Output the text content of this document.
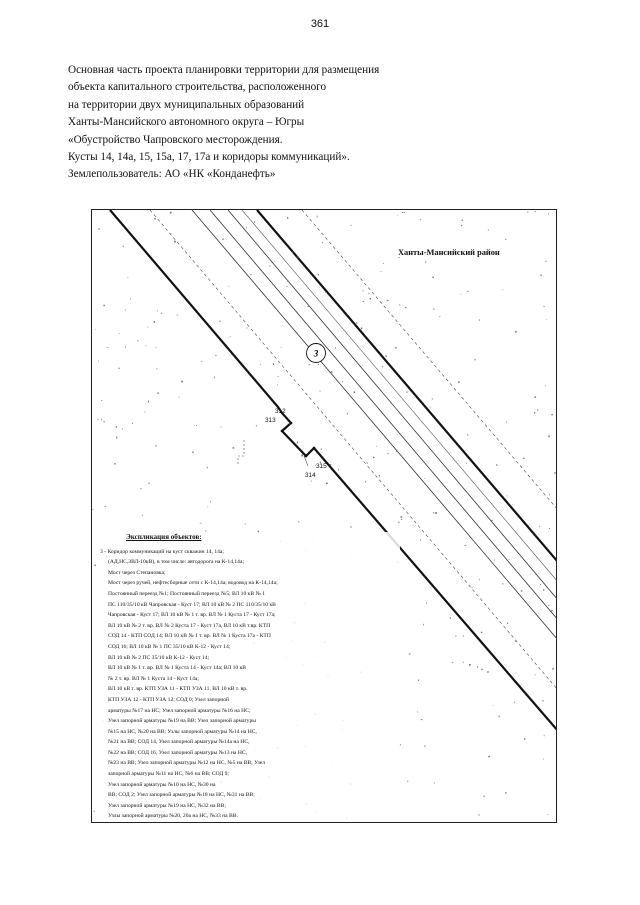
361
Основная часть проекта планировки территории для размещения
объекта капитального строительства, расположенного
на территории двух муниципальных образований
Ханты-Мансийского автономного округа – Югры
«Обустройство Чапровского месторождения.
Кусты 14, 14а, 15, 15а, 17, 17а и коридоры коммуникаций».
Землепользователь: АО «НК «Конданефть»
3
Ханты-Мансийский район
312
313
315
314
Экспликация объектов:
3 - Коридор коммуникаций на куст скважин 14, 14а;
(АД,НС,ЗВЛ-10кВ), в том числе: автодорога на К-14,14а;
Мост через Степановка;
Мост через ручей, нефтесборные сети с К-14,14а; водовод на К-14,14а;
Постоянный переезд №1; Постоянный переезд №5; ВЛ 10 кВ № 1
ПС 110/35/10 кВ Чапровская - Куст 17; ВЛ 10 кВ № 2 ПС 110/35/10 кВ
Чапровская - Куст 17; ВЛ 10 кВ № 1 т. вр. ВЛ № 1 Куста 17 - Куст 17а;
ВЛ 10 кВ № 2 т. вр. ВЛ № 2 Куста 17 - Куст 17а, ВЛ 10 кВ т.вр. КТП
СОД 14 - КТП СОД 14; ВЛ 10 кВ № 1 т. вр. ВЛ № 1 Куста 17а - КТП
СОД 16; ВЛ 10 кВ № 1 ПС 35/10 кВ К-12 - Куст 14;
ВЛ 10 кВ № 2 ПС 35/10 кВ К-12 - Куст 14;
ВЛ 10 кВ № 1 т. вр. ВЛ № 1 Куста 14 - Куст 14а; ВЛ 10 кВ
№ 2 т. вр. ВЛ № 1 Куста 14 - Куст 14а;
ВЛ 10 кВ т. вр. КТП УЗА 11 - КТП УЗА 11, ВЛ 10 кВ т. вр.
КТП УЗА 12 - КТП УЗА 12; СОД 0; Узел запорной
арматуры №17 на НС; Узел запорной арматуры №16 на НС;
Узел запорной арматуры №19 на ВВ; Узел запорной арматуры
№15 на НС, №20 на ВВ; Узлы запорной арматуры №14 на НС,
№21 на ВВ; СОД 14, Узел запорной арматуры №14а на НС,
№22 на ВВ; СОД 16, Узел запорной арматуры №13 на НС,
№23 на ВВ; Узел запорной арматуры №12 на НС, №5 на ВВ; Узел
запорной арматуры №11 на НС, №6 на ВВ; СОД 9;
Узел запорной арматуры №10 на НС, №30 на
ВВ; СОД 2; Узел запорной арматуры №18 на НС, №31 на ВВ;
Узел запорной арматуры №19 на НС, №32 на ВВ;
Узлы запорной арматуры №20, 20а на НС, №33 на ВВ.
